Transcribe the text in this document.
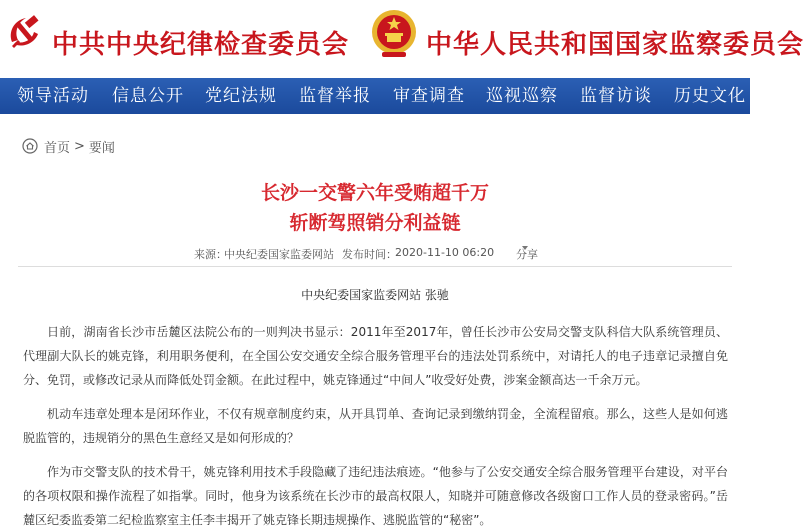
中共中央纪律检查委员会	中华人民共和国国家监察委员会
领导活动 信息公开 党纪法规 监督举报 审查调查 巡视巡察 监督访谈 历史文化
首页 > 要闻
长沙一交警六年受贿超千万
斩断驾照销分利益链
来源：
中央纪委国家监委网站 发布时间：
2020-11-10 06:20 分享
中央纪委国家监委网站 张驰

日前，湖南省长沙市岳麓区法院公布的一则判决书显示：2011年至2017年，曾任长沙市公安局交警支队科信大队系统管理员、代理副大队长的姚克锋，利用职务便利，在全国公安交通安全综合服务管理平台的违法处罚系统中，对请托人的电子违章记录擅自免分、免罚，或修改记录从而降低处罚金额。在此过程中，姚克锋通过“中间人”收受好处费，涉案金额高达一千余万元。

机动车违章处理本是闭环作业，不仅有规章制度约束，从开具罚单、查询记录到缴纳罚金，全流程留痕。那么，这些人是如何逃脱监管的，违规销分的黑色生意经又是如何形成的？

作为市交警支队的技术骨干，姚克锋利用技术手段隐藏了违纪违法痕迹。“他参与了公安交通安全综合服务管理平台建设，对平台的各项权限和操作流程了如指掌。同时，他身为该系统在长沙市的最高权限人，知晓并可随意修改各级窗口工作人员的登录密码。”岳麓区纪委监委第二纪检监察室主任李丰揭开了姚克锋长期违规操作、逃脱监管的“秘密”。
